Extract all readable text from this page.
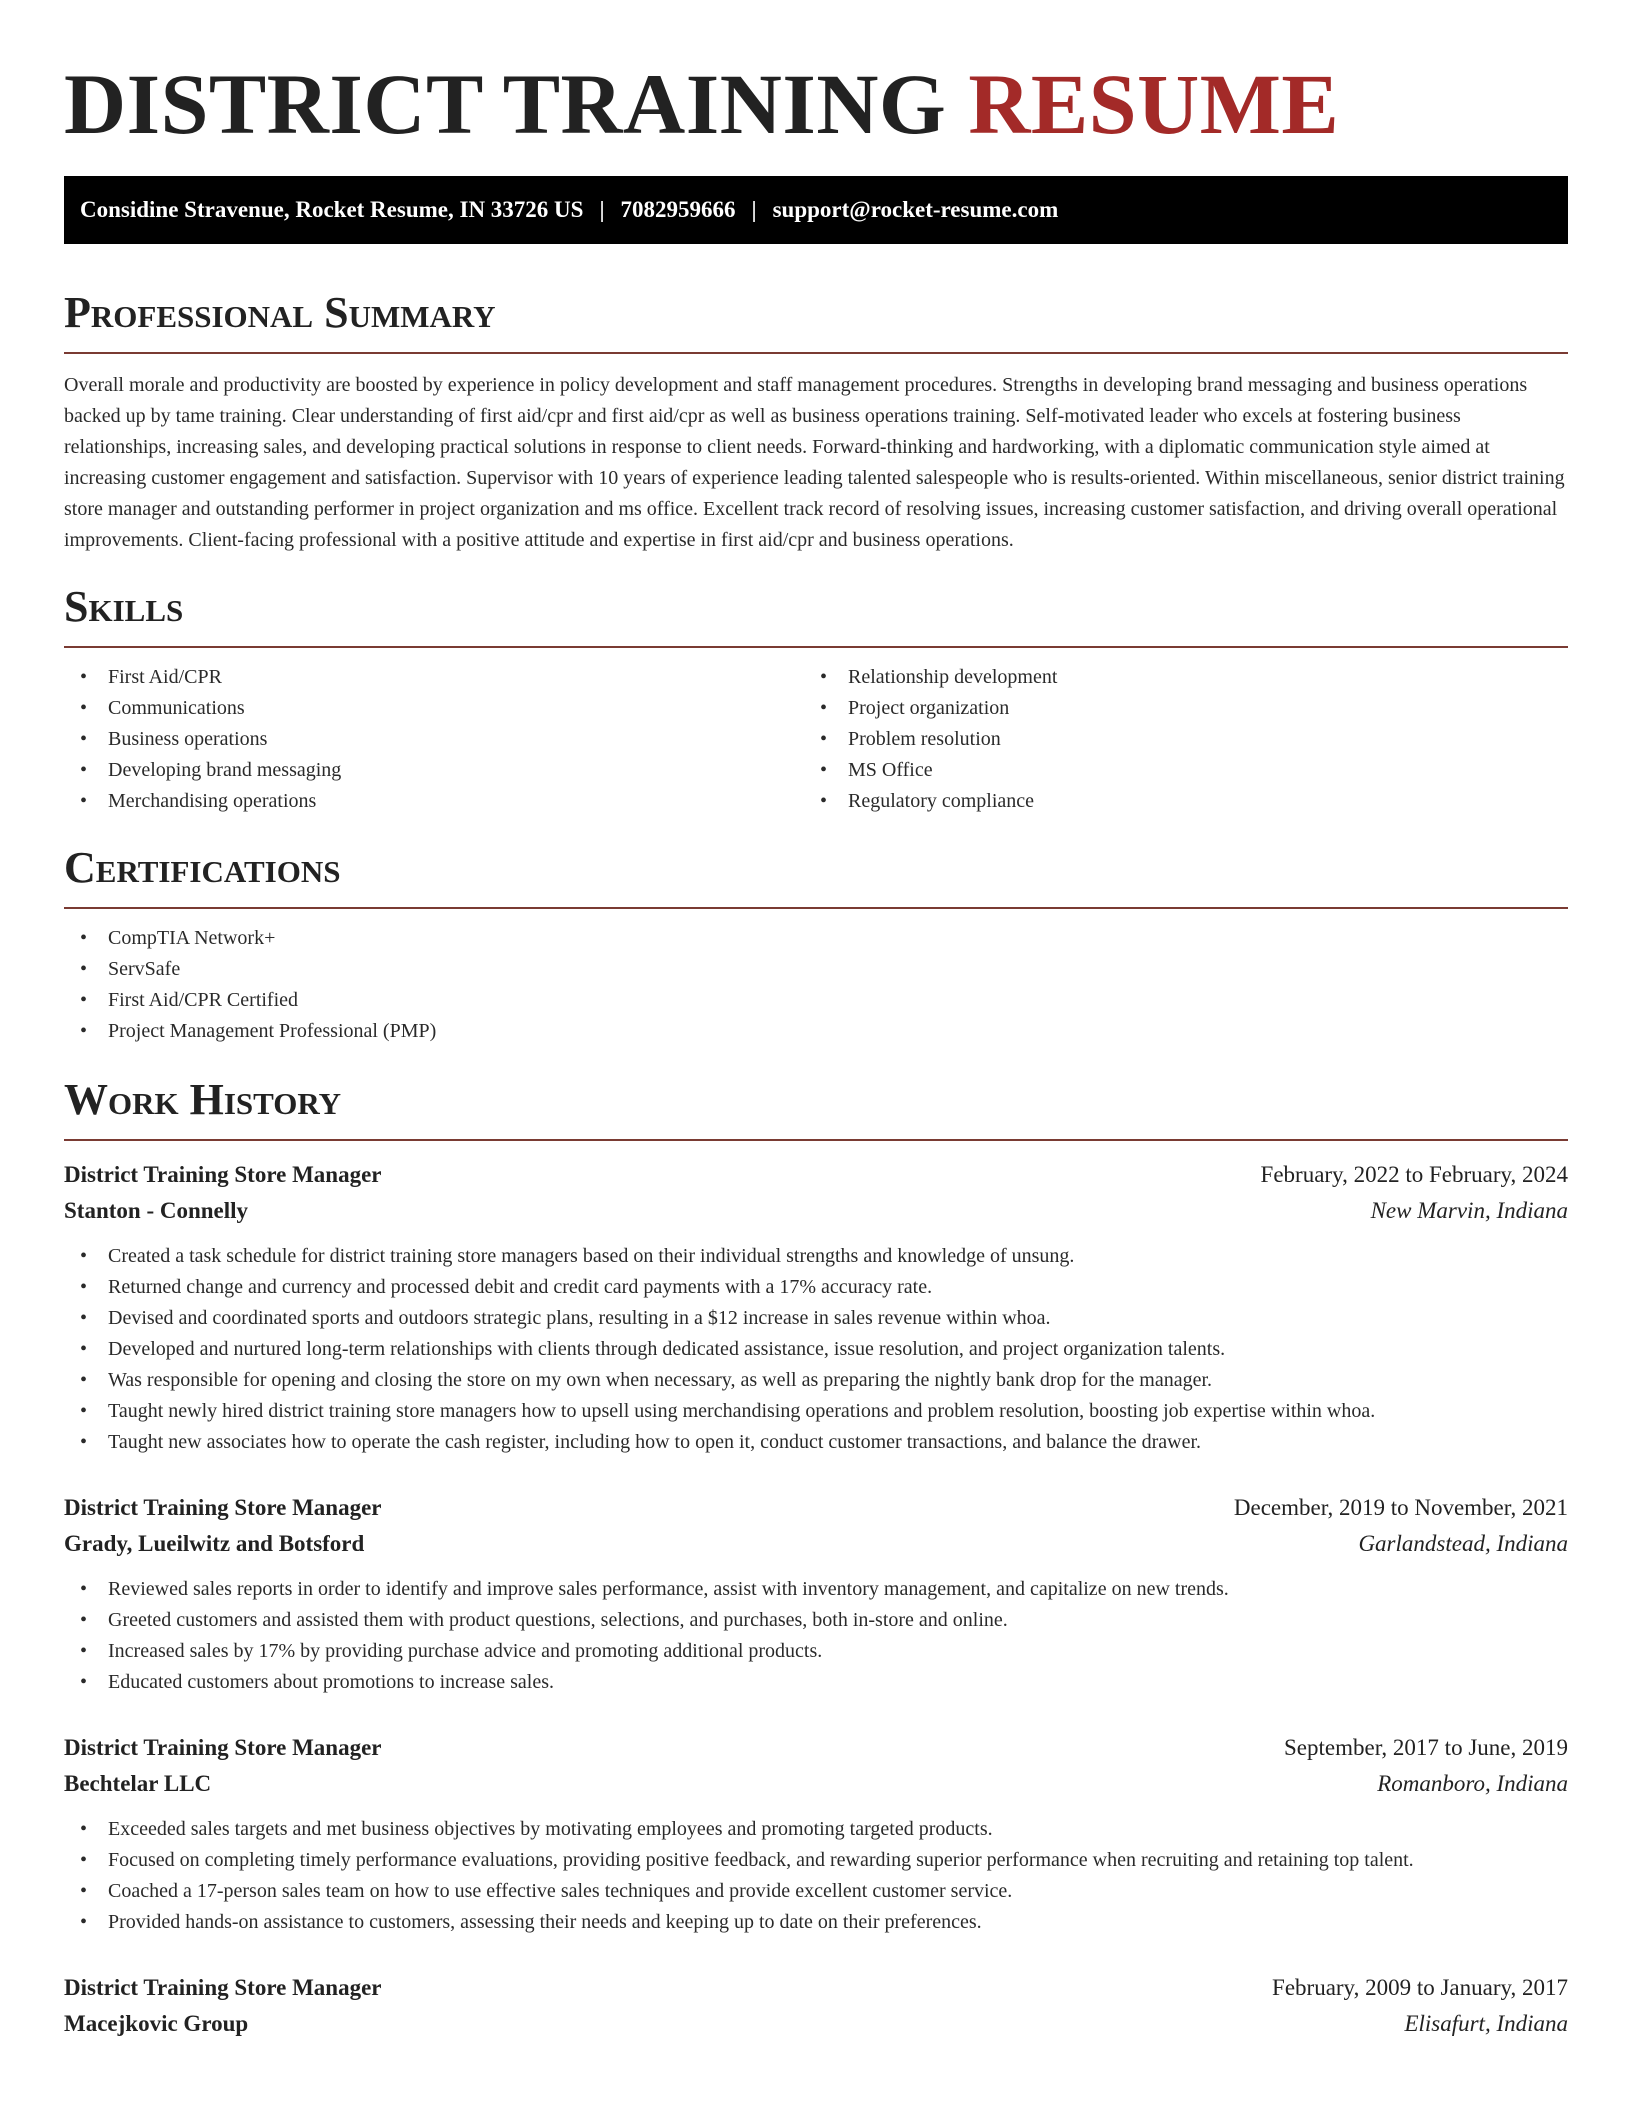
DISTRICT TRAINING RESUME
Considine Stravenue, Rocket Resume, IN 33726 US | 7082959666 | support@rocket-resume.com
Professional Summary

Overall morale and productivity are boosted by experience in policy development and staff management procedures. Strengths in developing brand messaging and business operations backed up by tame training. Clear understanding of first aid/cpr and first aid/cpr as well as business operations training. Self-motivated leader who excels at fostering business relationships, increasing sales, and developing practical solutions in response to client needs. Forward-thinking and hardworking, with a diplomatic communication style aimed at increasing customer engagement and satisfaction. Supervisor with 10 years of experience leading talented salespeople who is results-oriented. Within miscellaneous, senior district training store manager and outstanding performer in project organization and ms office. Excellent track record of resolving issues, increasing customer satisfaction, and driving overall operational improvements. Client-facing professional with a positive attitude and expertise in first aid/cpr and business operations.

Skills
• First Aid/CPR
• Communications
• Business operations
• Developing brand messaging
• Merchandising operations
• Relationship development
• Project organization
• Problem resolution
• MS Office
• Regulatory compliance
Certifications
• CompTIA Network+
• ServSafe
• First Aid/CPR Certified
• Project Management Professional (PMP)
Work History
District Training Store Manager	February, 2022 to February, 2024
Stanton - Connelly	New Marvin, Indiana
• Created a task schedule for district training store managers based on their individual strengths and knowledge of unsung.
• Returned change and currency and processed debit and credit card payments with a 17% accuracy rate.
• Devised and coordinated sports and outdoors strategic plans, resulting in a $12 increase in sales revenue within whoa.
• Developed and nurtured long-term relationships with clients through dedicated assistance, issue resolution, and project organization talents.
• Was responsible for opening and closing the store on my own when necessary, as well as preparing the nightly bank drop for the manager.
• Taught newly hired district training store managers how to upsell using merchandising operations and problem resolution, boosting job expertise within whoa.
• Taught new associates how to operate the cash register, including how to open it, conduct customer transactions, and balance the drawer.
District Training Store Manager	December, 2019 to November, 2021
Grady, Lueilwitz and Botsford	Garlandstead, Indiana
• Reviewed sales reports in order to identify and improve sales performance, assist with inventory management, and capitalize on new trends.
• Greeted customers and assisted them with product questions, selections, and purchases, both in-store and online.
• Increased sales by 17% by providing purchase advice and promoting additional products.
• Educated customers about promotions to increase sales.
District Training Store Manager	September, 2017 to June, 2019
Bechtelar LLC	Romanboro, Indiana
• Exceeded sales targets and met business objectives by motivating employees and promoting targeted products.
• Focused on completing timely performance evaluations, providing positive feedback, and rewarding superior performance when recruiting and retaining top talent.
• Coached a 17-person sales team on how to use effective sales techniques and provide excellent customer service.
• Provided hands-on assistance to customers, assessing their needs and keeping up to date on their preferences.
District Training Store Manager	February, 2009 to January, 2017
Macejkovic Group	Elisafurt, Indiana
